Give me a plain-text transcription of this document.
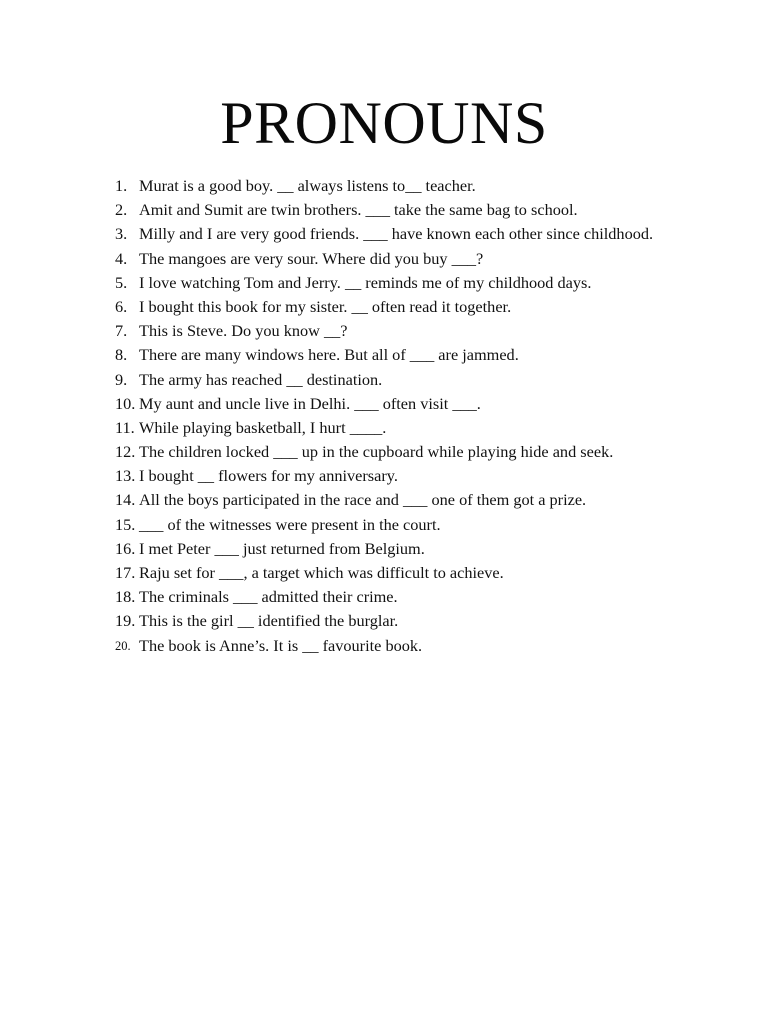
PRONOUNS
1. Murat is a good boy. __ always listens to__ teacher.
2. Amit and Sumit are twin brothers. ___ take the same bag to school.
3. Milly and I are very good friends. ___ have known each other since childhood.
4. The mangoes are very sour. Where did you buy ___?
5. I love watching Tom and Jerry. __ reminds me of my childhood days.
6. I bought this book for my sister. __ often read it together.
7. This is Steve. Do you know __?
8. There are many windows here. But all of ___ are jammed.
9. The army has reached __ destination.
10. My aunt and uncle live in Delhi. ___ often visit ___.
11. While playing basketball, I hurt ____.
12. The children locked ___ up in the cupboard while playing hide and seek.
13. I bought __ flowers for my anniversary.
14. All the boys participated in the race and ___ one of them got a prize.
15. ___ of the witnesses were present in the court.
16. I met Peter ___ just returned from Belgium.
17. Raju set for ___, a target which was difficult to achieve.
18. The criminals ___ admitted their crime.
19. This is the girl __ identified the burglar.
20. The book is Anne’s. It is __ favourite book.
